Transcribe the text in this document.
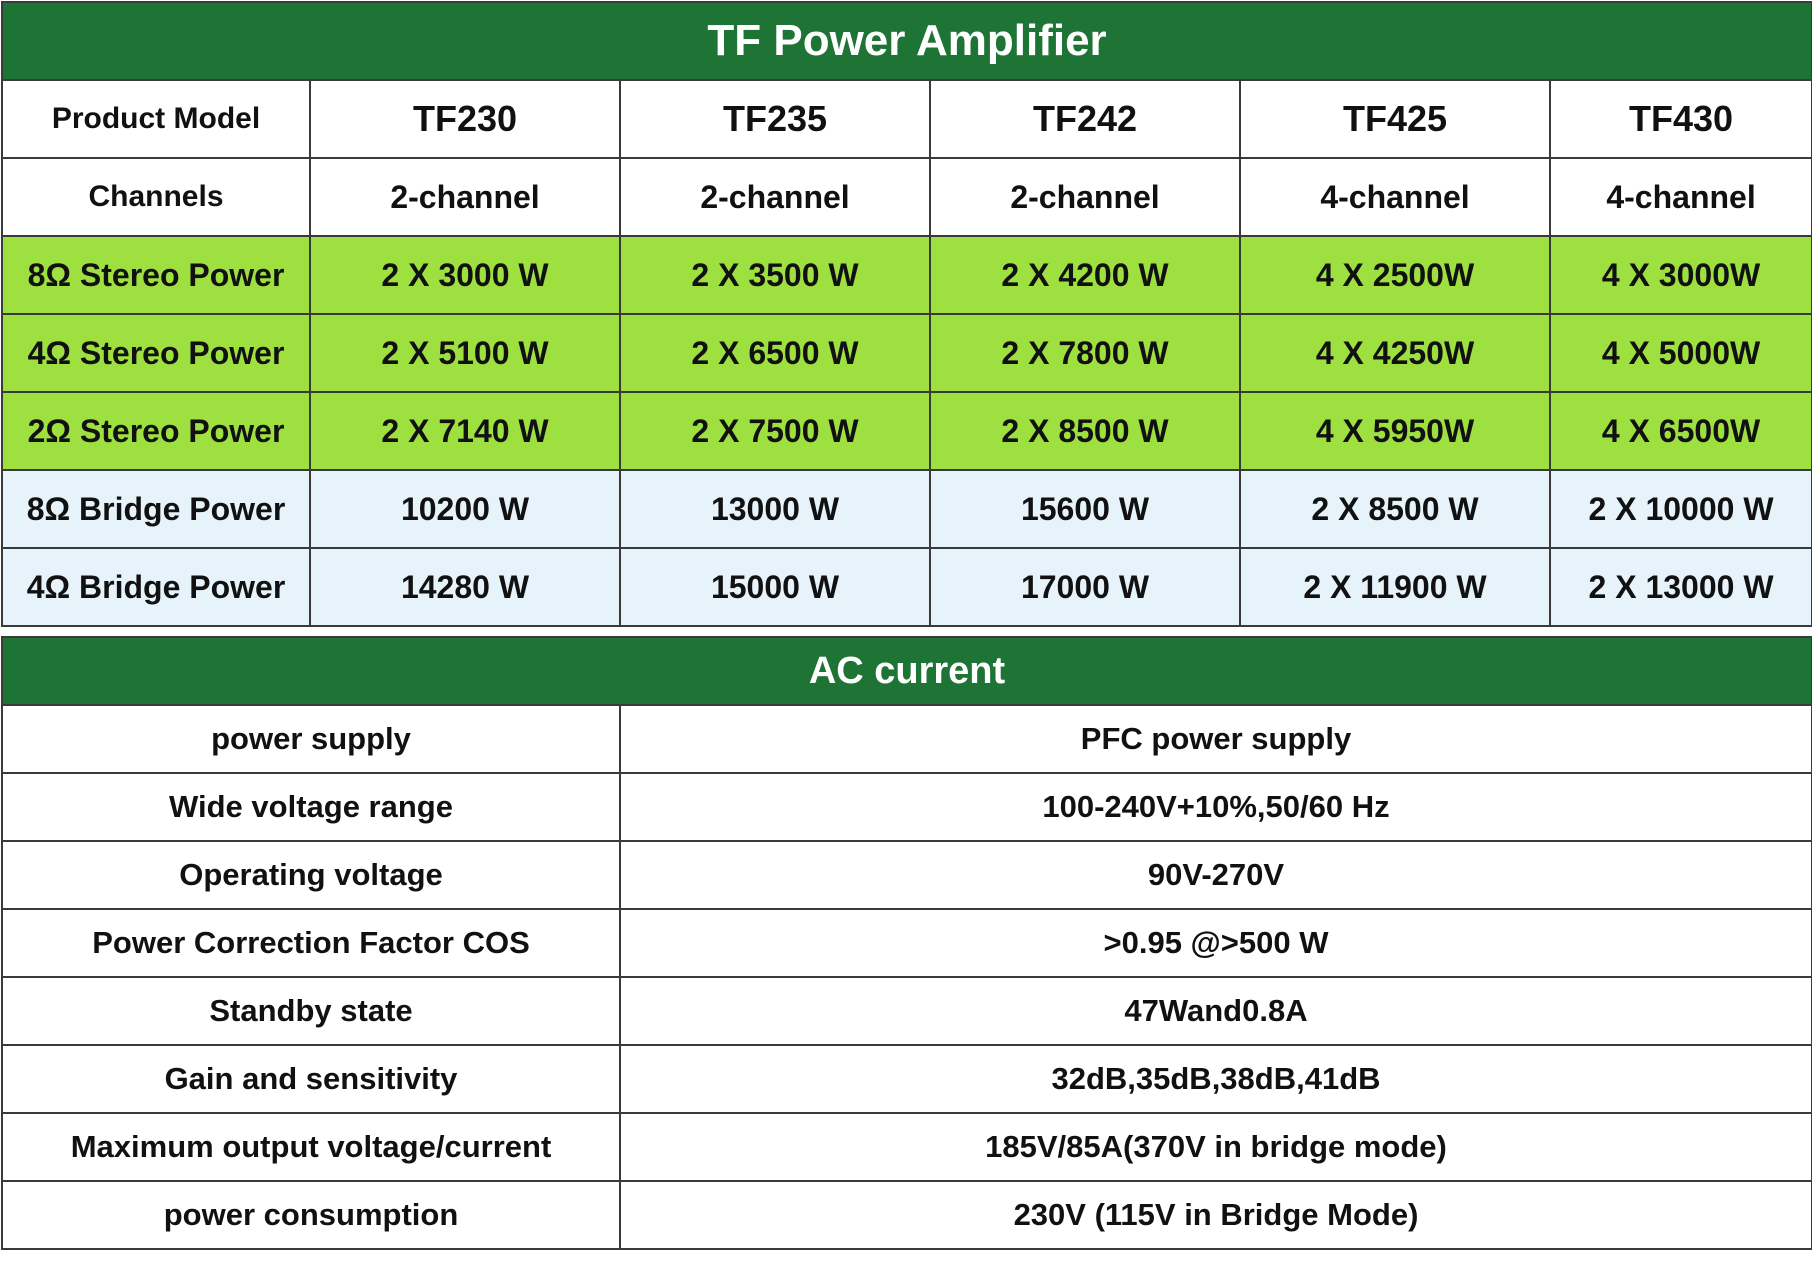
TF Power Amplifier					
Product Model	TF230	TF235	TF242	TF425	TF430
Channels	2-channel	2-channel	2-channel	4-channel	4-channel
8Ω Stereo Power	2 X 3000 W	2 X 3500 W	2 X 4200 W	4 X 2500W	4 X 3000W
4Ω Stereo Power	2 X 5100 W	2 X 6500 W	2 X 7800 W	4 X 4250W	4 X 5000W
2Ω Stereo Power	2 X 7140 W	2 X 7500 W	2 X 8500 W	4 X 5950W	4 X 6500W
8Ω Bridge Power	10200 W	13000 W	15600 W	2 X 8500 W	2 X 10000 W
4Ω Bridge Power	14280 W	15000 W	17000 W	2 X 11900 W	2 X 13000 W
AC current	
power supply	PFC power supply
Wide voltage range	100-240V+10%,50/60 Hz
Operating voltage	90V-270V
Power Correction Factor COS	>0.95 @>500 W
Standby state	47Wand0.8A
Gain and sensitivity	32dB,35dB,38dB,41dB
Maximum output voltage/current	185V/85A(370V in bridge mode)
power consumption	230V (115V in Bridge Mode)
